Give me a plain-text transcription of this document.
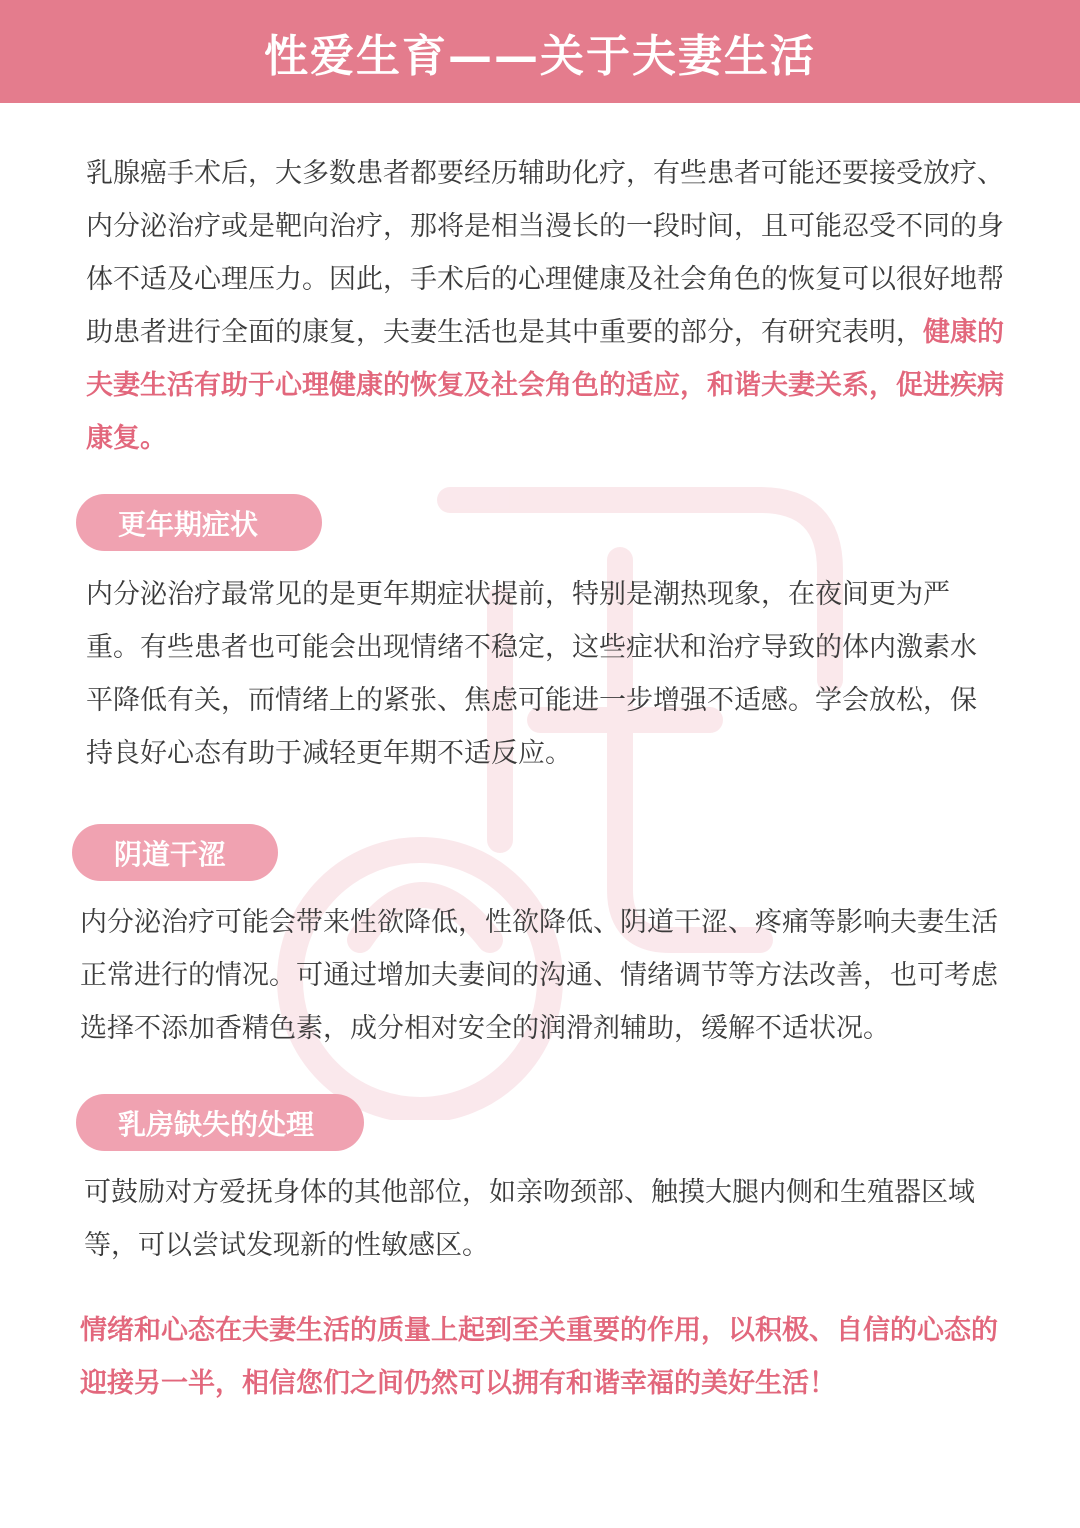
性爱生育——关于夫妻生活

乳腺癌手术后，大多数患者都要经历辅助化疗，有些患者可能还要接受放疗、内分泌治疗或是靶向治疗，那将是相当漫长的一段时间，且可能忍受不同的身体不适及心理压力。因此，手术后的心理健康及社会角色的恢复可以很好地帮助患者进行全面的康复，夫妻生活也是其中重要的部分，有研究表明，健康的夫妻生活有助于心理健康的恢复及社会角色的适应，和谐夫妻关系，促进疾病康复。

更年期症状

内分泌治疗最常见的是更年期症状提前，特别是潮热现象，在夜间更为严重。有些患者也可能会出现情绪不稳定，这些症状和治疗导致的体内激素水平降低有关，而情绪上的紧张、焦虑可能进一步增强不适感。学会放松，保持良好心态有助于减轻更年期不适反应。

阴道干涩

内分泌治疗可能会带来性欲降低，性欲降低、阴道干涩、疼痛等影响夫妻生活正常进行的情况。可通过增加夫妻间的沟通、情绪调节等方法改善，也可考虑选择不添加香精色素，成分相对安全的润滑剂辅助，缓解不适状况。

乳房缺失的处理

可鼓励对方爱抚身体的其他部位，如亲吻颈部、触摸大腿内侧和生殖器区域等，可以尝试发现新的性敏感区。

情绪和心态在夫妻生活的质量上起到至关重要的作用，以积极、自信的心态的迎接另一半，相信您们之间仍然可以拥有和谐幸福的美好生活！
